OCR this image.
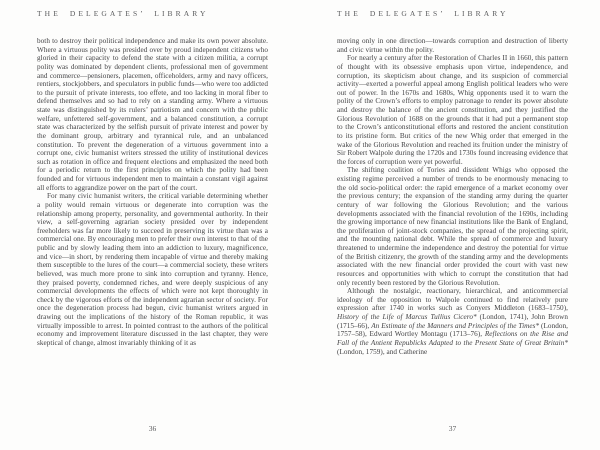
THE DELEGATES’ LIBRARY

both to destroy their political independence and make its own power absolute. Where a virtuous polity was presided over by proud independent citizens who gloried in their capacity to defend the state with a citizen militia, a corrupt polity was dominated by dependent clients, professional men of government and commerce—pensioners, placemen, officeholders, army and navy officers, rentiers, stockjobbers, and speculators in public funds—who were too addicted to the pursuit of private interests, too effete, and too lacking in moral fiber to defend themselves and so had to rely on a standing army. Where a virtuous state was distinguished by its rulers’ patriotism and concern with the public welfare, unfettered self-government, and a balanced constitution, a corrupt state was characterized by the selfish pursuit of private interest and power by the dominant group, arbitrary and tyrannical rule, and an unbalanced constitution. To prevent the degeneration of a virtuous government into a corrupt one, civic humanist writers stressed the utility of institutional devices such as rotation in office and frequent elections and emphasized the need both for a periodic return to the first principles on which the polity had been founded and for virtuous independent men to maintain a constant vigil against all efforts to aggrandize power on the part of the court.

For many civic humanist writers, the critical variable determining whether a polity would remain virtuous or degenerate into corruption was the relationship among property, personality, and governmental authority. In their view, a self-governing agrarian society presided over by independent freeholders was far more likely to succeed in preserving its virtue than was a commercial one. By encouraging men to prefer their own interest to that of the public and by slowly leading them into an addiction to luxury, magnificence, and vice—in short, by rendering them incapable of virtue and thereby making them susceptible to the lures of the court—a commercial society, these writers believed, was much more prone to sink into corruption and tyranny. Hence, they praised poverty, condemned riches, and were deeply suspicious of any commercial developments the effects of which were not kept thoroughly in check by the vigorous efforts of the independent agrarian sector of society. For once the degeneration process had begun, civic humanist writers argued in drawing out the implications of the history of the Roman republic, it was virtually impossible to arrest. In pointed contrast to the authors of the political economy and improvement literature discussed in the last chapter, they were skeptical of change, almost invariably thinking of it as

36
THE DELEGATES’ LIBRARY

moving only in one direction—towards corruption and destruction of liberty and civic virtue within the polity.

For nearly a century after the Restoration of Charles II in 1660, this pattern of thought with its obsessive emphasis upon virtue, independence, and corruption, its skepticism about change, and its suspicion of commercial activity—exerted a powerful appeal among English political leaders who were out of power. In the 1670s and 1680s, Whig opponents used it to warn the polity of the Crown’s efforts to employ patronage to render its power absolute and destroy the balance of the ancient constitution, and they justified the Glorious Revolution of 1688 on the grounds that it had put a permanent stop to the Crown’s anticonstitutional efforts and restored the ancient constitution to its pristine form. But critics of the new Whig order that emerged in the wake of the Glorious Revolution and reached its fruition under the ministry of Sir Robert Walpole during the 1720s and 1730s found increasing evidence that the forces of corruption were yet powerful.

The shifting coalition of Tories and dissident Whigs who opposed the existing regime perceived a number of trends to be enormously menacing to the old socio-political order: the rapid emergence of a market economy over the previous century; the expansion of the standing army during the quarter century of war following the Glorious Revolution; and the various developments associated with the financial revolution of the 1690s, including the growing importance of new financial institutions like the Bank of England, the proliferation of joint-stock companies, the spread of the projecting spirit, and the mounting national debt. While the spread of commerce and luxury threatened to undermine the independence and destroy the potential for virtue of the British citizenry, the growth of the standing army and the developments associated with the new financial order provided the court with vast new resources and opportunities with which to corrupt the constitution that had only recently been restored by the Glorious Revolution.

Although the nostalgic, reactionary, hierarchical, and anticommercial ideology of the opposition to Walpole continued to find relatively pure expression after 1740 in works such as Conyers Middleton (1683–1750), History of the Life of Marcus Tullius Cicero* (London, 1741), John Brown (1715–66), An Estimate of the Manners and Principles of the Times* (London, 1757–58), Edward Wortley Montagu (1713–76), Reflections on the Rise and Fall of the Antient Republicks Adapted to the Present State of Great Britain* (London, 1759), and Catherine

37
